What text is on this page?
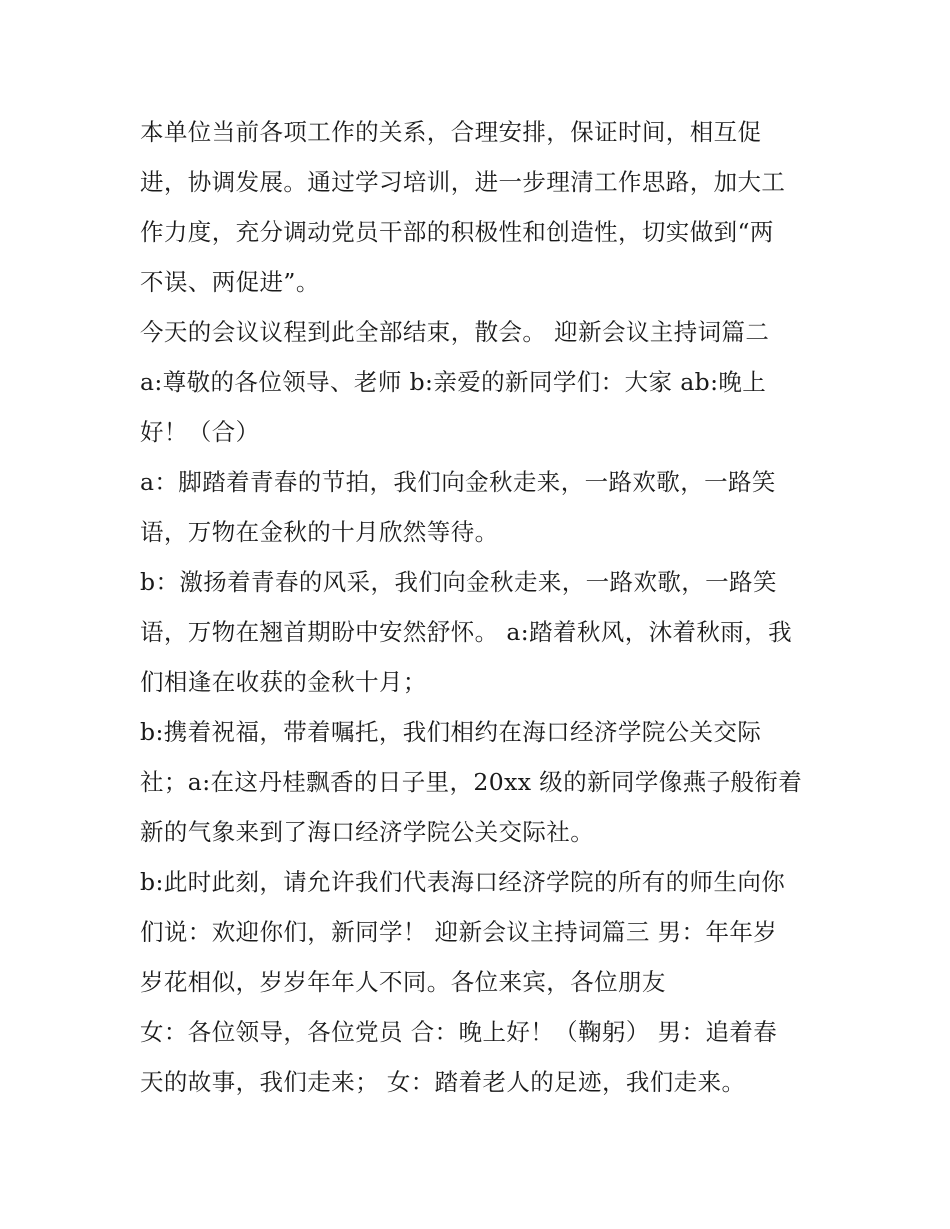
本单位当前各项工作的关系，合理安排，保证时间，相互促
进，协调发展。通过学习培训，进一步理清工作思路，加大工
作力度，充分调动党员干部的积极性和创造性，切实做到“两
不误、两促进”。
今天的会议议程到此全部结束，散会。 迎新会议主持词篇二
a:尊敬的各位领导、老师 b:亲爱的新同学们：大家 ab:晚上
好！（合）
a：脚踏着青春的节拍，我们向金秋走来，一路欢歌，一路笑
语，万物在金秋的十月欣然等待。
b：激扬着青春的风采，我们向金秋走来，一路欢歌，一路笑
语，万物在翘首期盼中安然舒怀。 a:踏着秋风，沐着秋雨，我
们相逢在收获的金秋十月；
b:携着祝福，带着嘱托，我们相约在海口经济学院公关交际
社；a:在这丹桂飘香的日子里，20xx 级的新同学像燕子般衔着
新的气象来到了海口经济学院公关交际社。
b:此时此刻，请允许我们代表海口经济学院的所有的师生向你
们说：欢迎你们，新同学！ 迎新会议主持词篇三 男：年年岁
岁花相似，岁岁年年人不同。各位来宾，各位朋友
女：各位领导，各位党员 合：晚上好！（鞠躬） 男：追着春
天的故事，我们走来； 女：踏着老人的足迹，我们走来。
